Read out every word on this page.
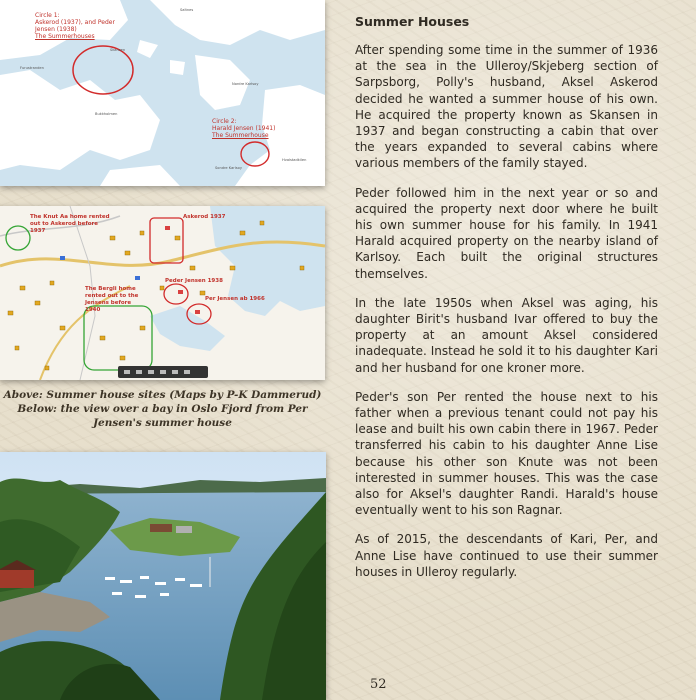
Circle 1:
Askerod (1937), and Peder
Jensen (1938)
The Summerhouses
Circle 2:
Harald Jensen (1941)
The Summerhouse
Saltnes
Furustranden
Nordre Karlsoy
Bukkholmen
Sondre Karlsoy
Skansen
Hvalstadkilen
The Knut Aa home rented out to Askerod before 1937
Askerod 1937
Peder Jensen 1938
The Bergli home rented out to the Jensens before 1940
Per Jensen ab 1966
Above: Summer house sites (Maps by P-K Dammerud)
Below: the view over a bay in Oslo Fjord from Per Jensen's summer house
Summer Houses

After spending some time in the summer of 1936 at the sea in the Ulleroy/Skjeberg section of Sarpsborg, Polly's husband, Aksel Askerod decided he wanted a summer house of his own. He acquired the property known as Skansen in 1937 and began constructing a cabin that over the years expanded to several cabins where various members of the family stayed.

Peder followed him in the next year or so and acquired the property next door where he built his own summer house for his family. In 1941 Harald acquired property on the nearby island of Karlsoy. Each built the original structures themselves.

In the late 1950s when Aksel was aging, his daughter Birit's husband Ivar offered to buy the property at an amount Aksel considered inadequate. Instead he sold it to his daughter Kari and her husband for one kroner more.

Peder's son Per rented the house next to his father when a previous tenant could not pay his lease and built his own cabin there in 1967. Peder transferred his cabin to his daughter Anne Lise because his other son Knute was not been interested in summer houses. This was the case also for Aksel's daughter Randi. Harald's house eventually went to his son Ragnar.

As of 2015, the descendants of Kari, Per, and Anne Lise have continued to use their summer houses in Ulleroy regularly.

52
